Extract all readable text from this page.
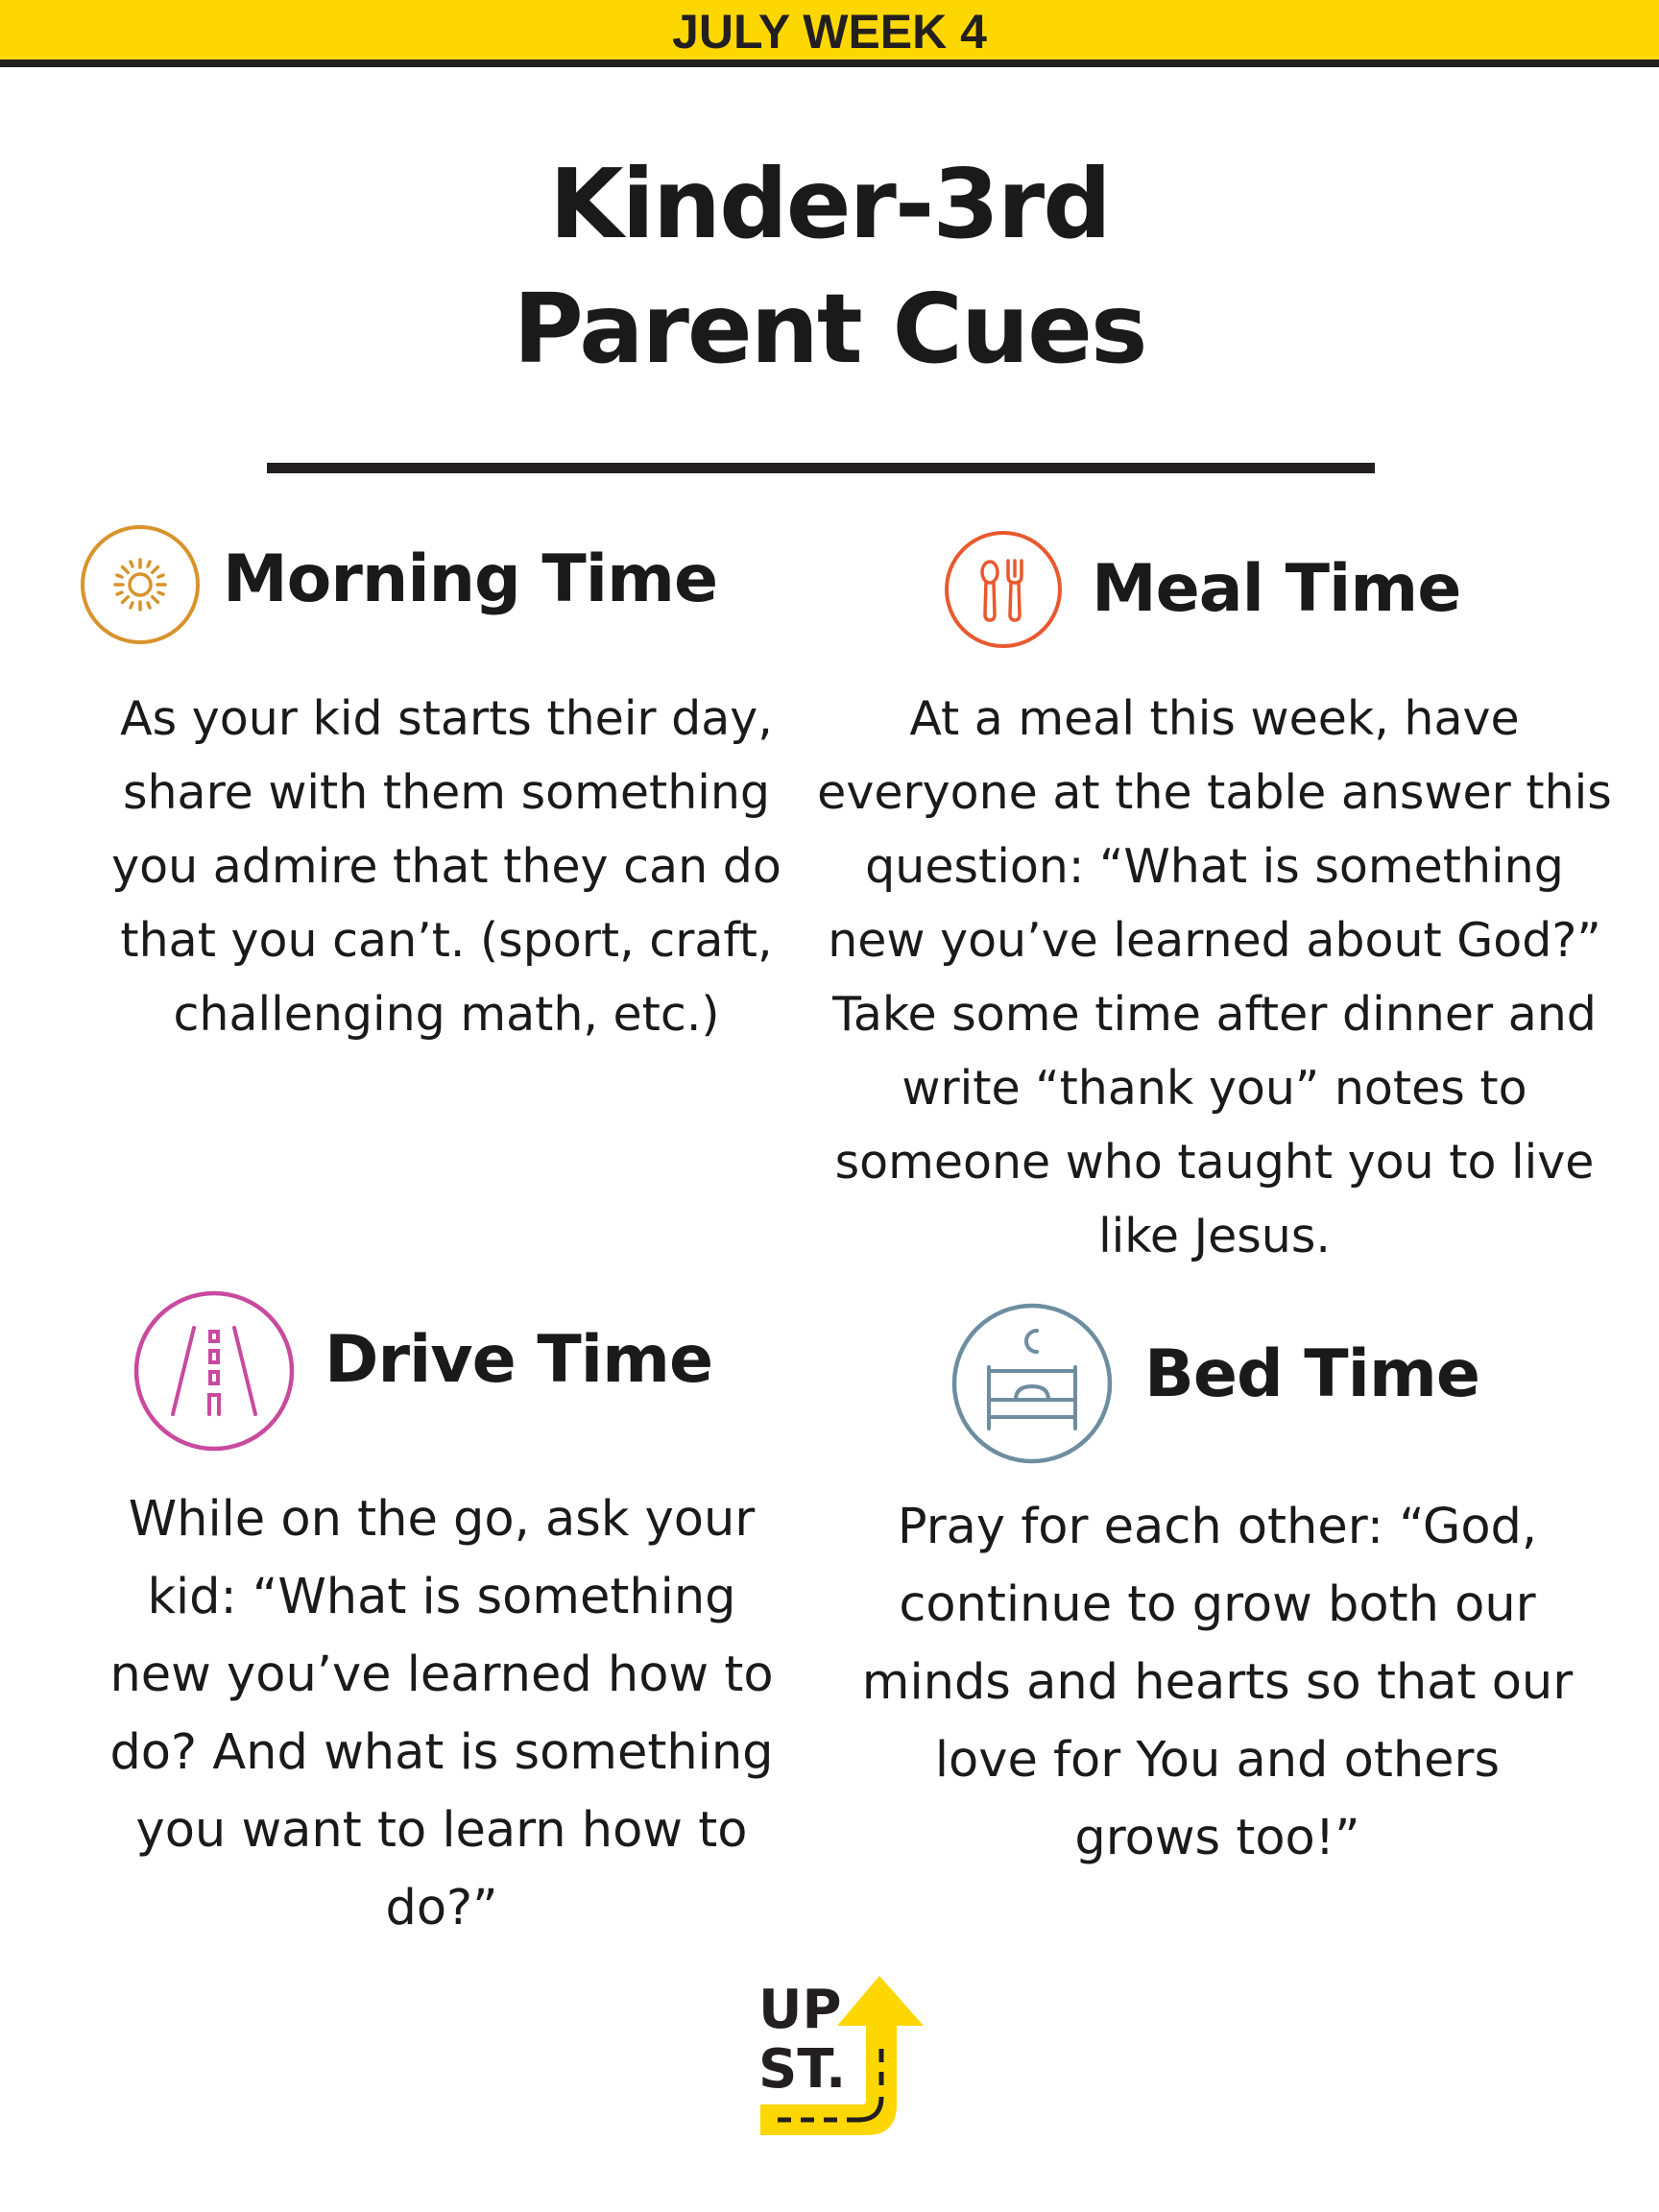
JULY WEEK 4
Kinder-3rd
Parent Cues
Morning Time
As your kid starts their day,
share with them something
you admire that they can do
that you can’t. (sport, craft,
challenging math, etc.)
Meal Time
At a meal this week, have
everyone at the table answer this
question: “What is something
new you’ve learned about God?”
Take some time after dinner and
write “thank you” notes to
someone who taught you to live
like Jesus.
Drive Time
While on the go, ask your
kid: “What is something
new you’ve learned how to
do? And what is something
you want to learn how to
do?”
Bed Time
Pray for each other: “God,
continue to grow both our
minds and hearts so that our
love for You and others
grows too!”
UP
ST.
